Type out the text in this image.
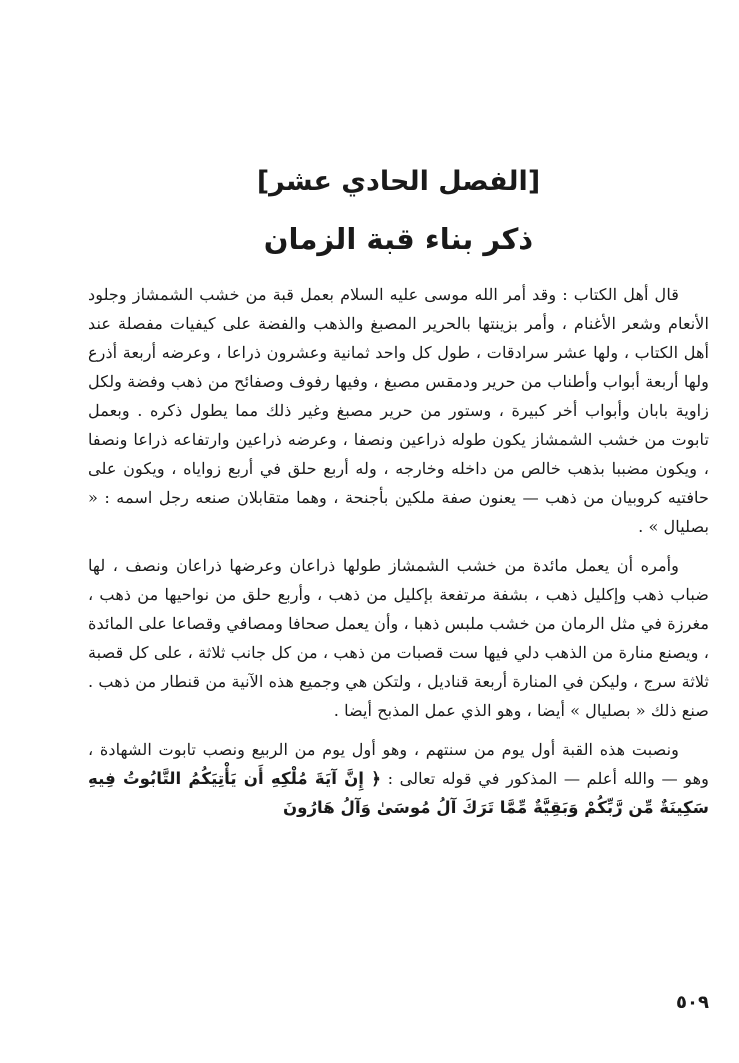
[الفصل الحادي عشر]
ذكر بناء قبة الزمان

قال أهل الكتاب : وقد أمر الله موسى عليه السلام بعمل قبة من خشب الشمشاز وجلود الأنعام وشعر الأغنام ، وأمر بزينتها بالحرير المصبغ والذهب والفضة على كيفيات مفصلة عند أهل الكتاب ، ولها عشر سرادقات ، طول كل واحد ثمانية وعشرون ذراعا ، وعرضه أربعة أذرع ولها أربعة أبواب وأطناب من حرير ودمقس مصبغ ، وفيها رفوف وصفائح من ذهب وفضة ولكل زاوية بابان وأبواب أخر كبيرة ، وستور من حرير مصبغ وغير ذلك مما يطول ذكره . وبعمل تابوت من خشب الشمشاز يكون طوله ذراعين ونصفا ، وعرضه ذراعين وارتفاعه ذراعا ونصفا ، ويكون مضببا بذهب خالص من داخله وخارجه ، وله أربع حلق في أربع زواياه ، ويكون على حافتيه كروبيان من ذهب — يعنون صفة ملكين بأجنحة ، وهما متقابلان صنعه رجل اسمه : « بصليال » .

وأمره أن يعمل مائدة من خشب الشمشاز طولها ذراعان وعرضها ذراعان ونصف ، لها ضباب ذهب وإكليل ذهب ، بشفة مرتفعة بإكليل من ذهب ، وأربع حلق من نواحيها من ذهب ، مغرزة في مثل الرمان من خشب ملبس ذهبا ، وأن يعمل صحافا ومصافي وقصاعا على المائدة ، ويصنع منارة من الذهب دلي فيها ست قصبات من ذهب ، من كل جانب ثلاثة ، على كل قصبة ثلاثة سرج ، وليكن في المنارة أربعة قناديل ، ولتكن هي وجميع هذه الآنية من قنطار من ذهب . صنع ذلك « بصليال » أيضا ، وهو الذي عمل المذبح أيضا .

ونصبت هذه القبة أول يوم من سنتهم ، وهو أول يوم من الربيع ونصب تابوت الشهادة ، وهو — والله أعلم — المذكور في قوله تعالى : ﴿ إِنَّ آيَةَ مُلْكِهِ أَن يَأْتِيَكُمُ التَّابُوتُ فِيهِ سَكِينَةٌ مِّن رَّبِّكُمْ وَبَقِيَّةٌ مِّمَّا تَرَكَ آلُ مُوسَىٰ وَآلُ هَارُونَ

٥٠٩
